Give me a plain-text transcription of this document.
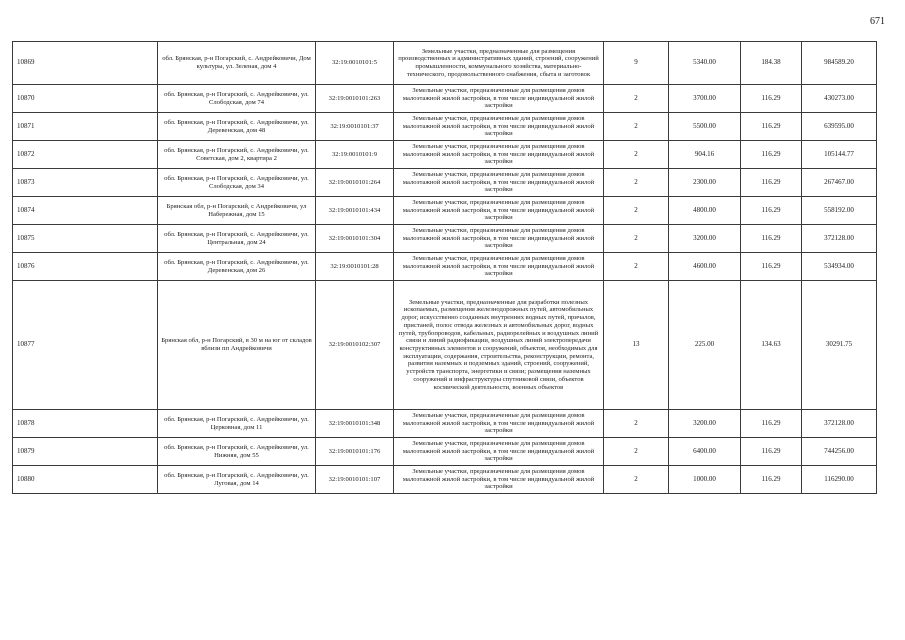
671
10869	обл. Брянская, р-н Погарский, с. Андрейковичи, Дом культуры, ул. Зеленая, дом 4	32:19:0010101:5	Земельные участки, предназначенные для размещения производственных и административных зданий, строений, сооружений промышленности, коммунального хозяйства, материально-технического, продовольственного снабжения, сбыта и заготовок	9	5340.00	184.38	984589.20
10870	обл. Брянская, р-н Погарский, с. Андрейковичи, ул. Слободская, дом 74	32:19:0010101:263	Земельные участки, предназначенные для размещения домов малоэтажной жилой застройки, в том числе индивидуальной жилой застройки	2	3700.00	116.29	430273.00
10871	обл. Брянская, р-н Погарский, с. Андрейковичи, ул. Деревенская, дом 48	32:19:0010101:37	Земельные участки, предназначенные для размещения домов малоэтажной жилой застройки, в том числе индивидуальной жилой застройки	2	5500.00	116.29	639595.00
10872	обл. Брянская, р-н Погарский, с. Андрейковичи, ул. Советская, дом 2, квартира 2	32:19:0010101:9	Земельные участки, предназначенные для размещения домов малоэтажной жилой застройки, в том числе индивидуальной жилой застройки	2	904.16	116.29	105144.77
10873	обл. Брянская, р-н Погарский, с. Андрейковичи, ул. Слободская, дом 34	32:19:0010101:264	Земельные участки, предназначенные для размещения домов малоэтажной жилой застройки, в том числе индивидуальной жилой застройки	2	2300.00	116.29	267467.00
10874	Брянская обл, р-н Погарский, с Андрейковичи, ул Набережная, дом 15	32:19:0010101:434	Земельные участки, предназначенные для размещения домов малоэтажной жилой застройки, в том числе индивидуальной жилой застройки	2	4800.00	116.29	558192.00
10875	обл. Брянская, р-н Погарский, с. Андрейковичи, ул. Центральная, дом 24	32:19:0010101:304	Земельные участки, предназначенные для размещения домов малоэтажной жилой застройки, в том числе индивидуальной жилой застройки	2	3200.00	116.29	372128.00
10876	обл. Брянская, р-н Погарский, с. Андрейковичи, ул. Деревенская, дом 26	32:19:0010101:28	Земельные участки, предназначенные для размещения домов малоэтажной жилой застройки, в том числе индивидуальной жилой застройки	2	4600.00	116.29	534934.00
10877	Брянская обл, р-н Погарский, в 30 м на юг от складов вблизи пп Андрейковичи	32:19:0010102:307	Земельные участки, предназначенные для разработки полезных ископаемых, размещения железнодорожных путей, автомобильных дорог, искусственно созданных внутренних водных путей, причалов, пристаней, полос отвода железных и автомобильных дорог, водных путей, трубопроводов, кабельных, радиорелейных и воздушных линий связи и линий радиофикации, воздушных линий электропередачи конструктивных элементов и сооружений, объектов, необходимых для эксплуатации, содержания, строительства, реконструкции, ремонта, развития наземных и подземных зданий, строений, сооружений, устройств транспорта, энергетики и связи; размещения наземных сооружений и инфраструктуры спутниковой связи, объектов космической деятельности, военных объектов	13	225.00	134.63	30291.75
10878	обл. Брянская, р-н Погарский, с. Андрейковичи, ул. Церковная, дом 11	32:19:0010101:348	Земельные участки, предназначенные для размещения домов малоэтажной жилой застройки, в том числе индивидуальной жилой застройки	2	3200.00	116.29	372128.00
10879	обл. Брянская, р-н Погарский, с. Андрейковичи, ул. Нижняя, дом 55	32:19:0010101:176	Земельные участки, предназначенные для размещения домов малоэтажной жилой застройки, в том числе индивидуальной жилой застройки	2	6400.00	116.29	744256.00
10880	обл. Брянская, р-н Погарский, с. Андрейковичи, ул. Луговая, дом 14	32:19:0010101:107	Земельные участки, предназначенные для размещения домов малоэтажной жилой застройки, в том числе индивидуальной жилой застройки	2	1000.00	116.29	116290.00
